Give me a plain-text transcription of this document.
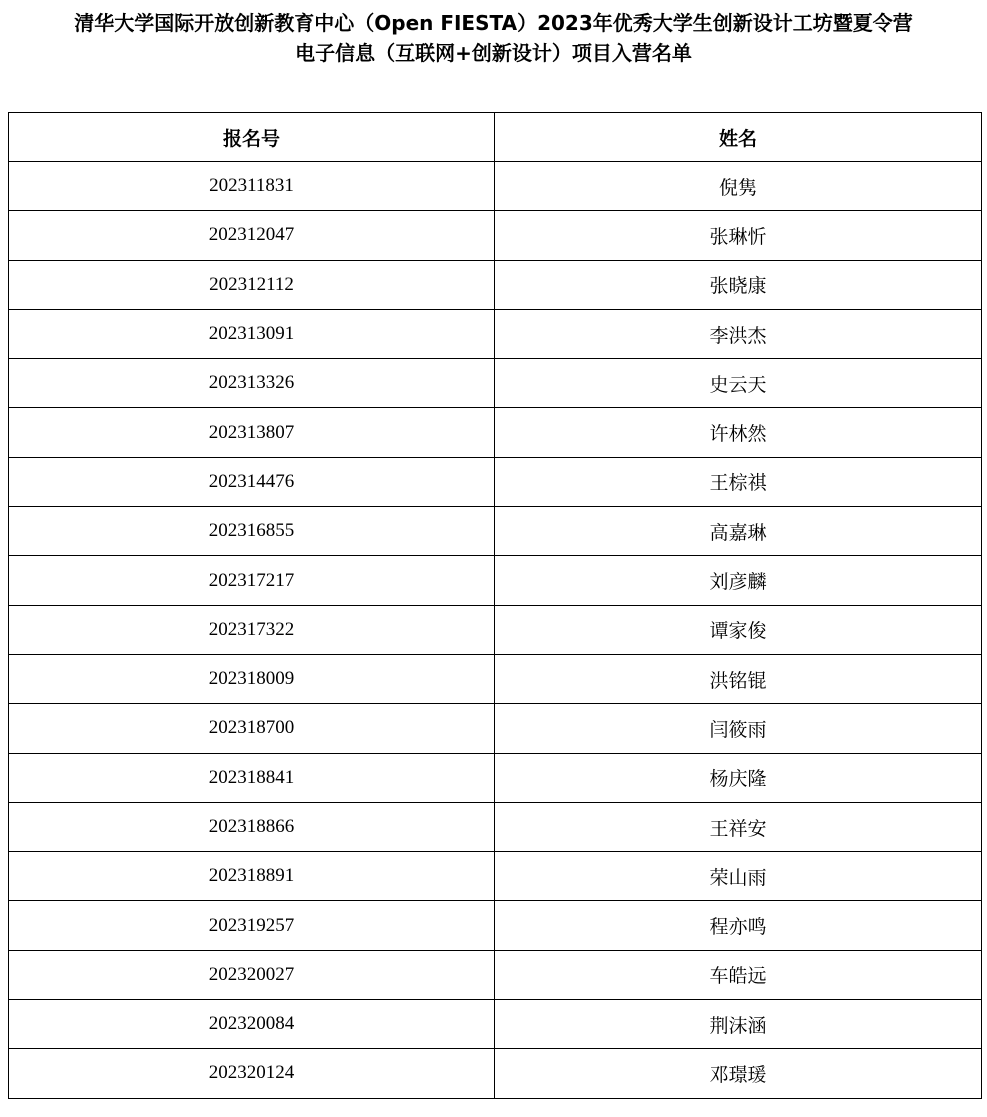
清华大学国际开放创新教育中心（Open FIESTA）2023年优秀大学生创新设计工坊暨夏令营
电子信息（互联网+创新设计）项目入营名单
报名号	姓名
202311831	倪隽
202312047	张琳忻
202312112	张晓康
202313091	李洪杰
202313326	史云天
202313807	许林然
202314476	王棕祺
202316855	高嘉琳
202317217	刘彦麟
202317322	谭家俊
202318009	洪铭锟
202318700	闫筱雨
202318841	杨庆隆
202318866	王祥安
202318891	荣山雨
202319257	程亦鸣
202320027	车皓远
202320084	荆沫涵
202320124	邓璟瑗
